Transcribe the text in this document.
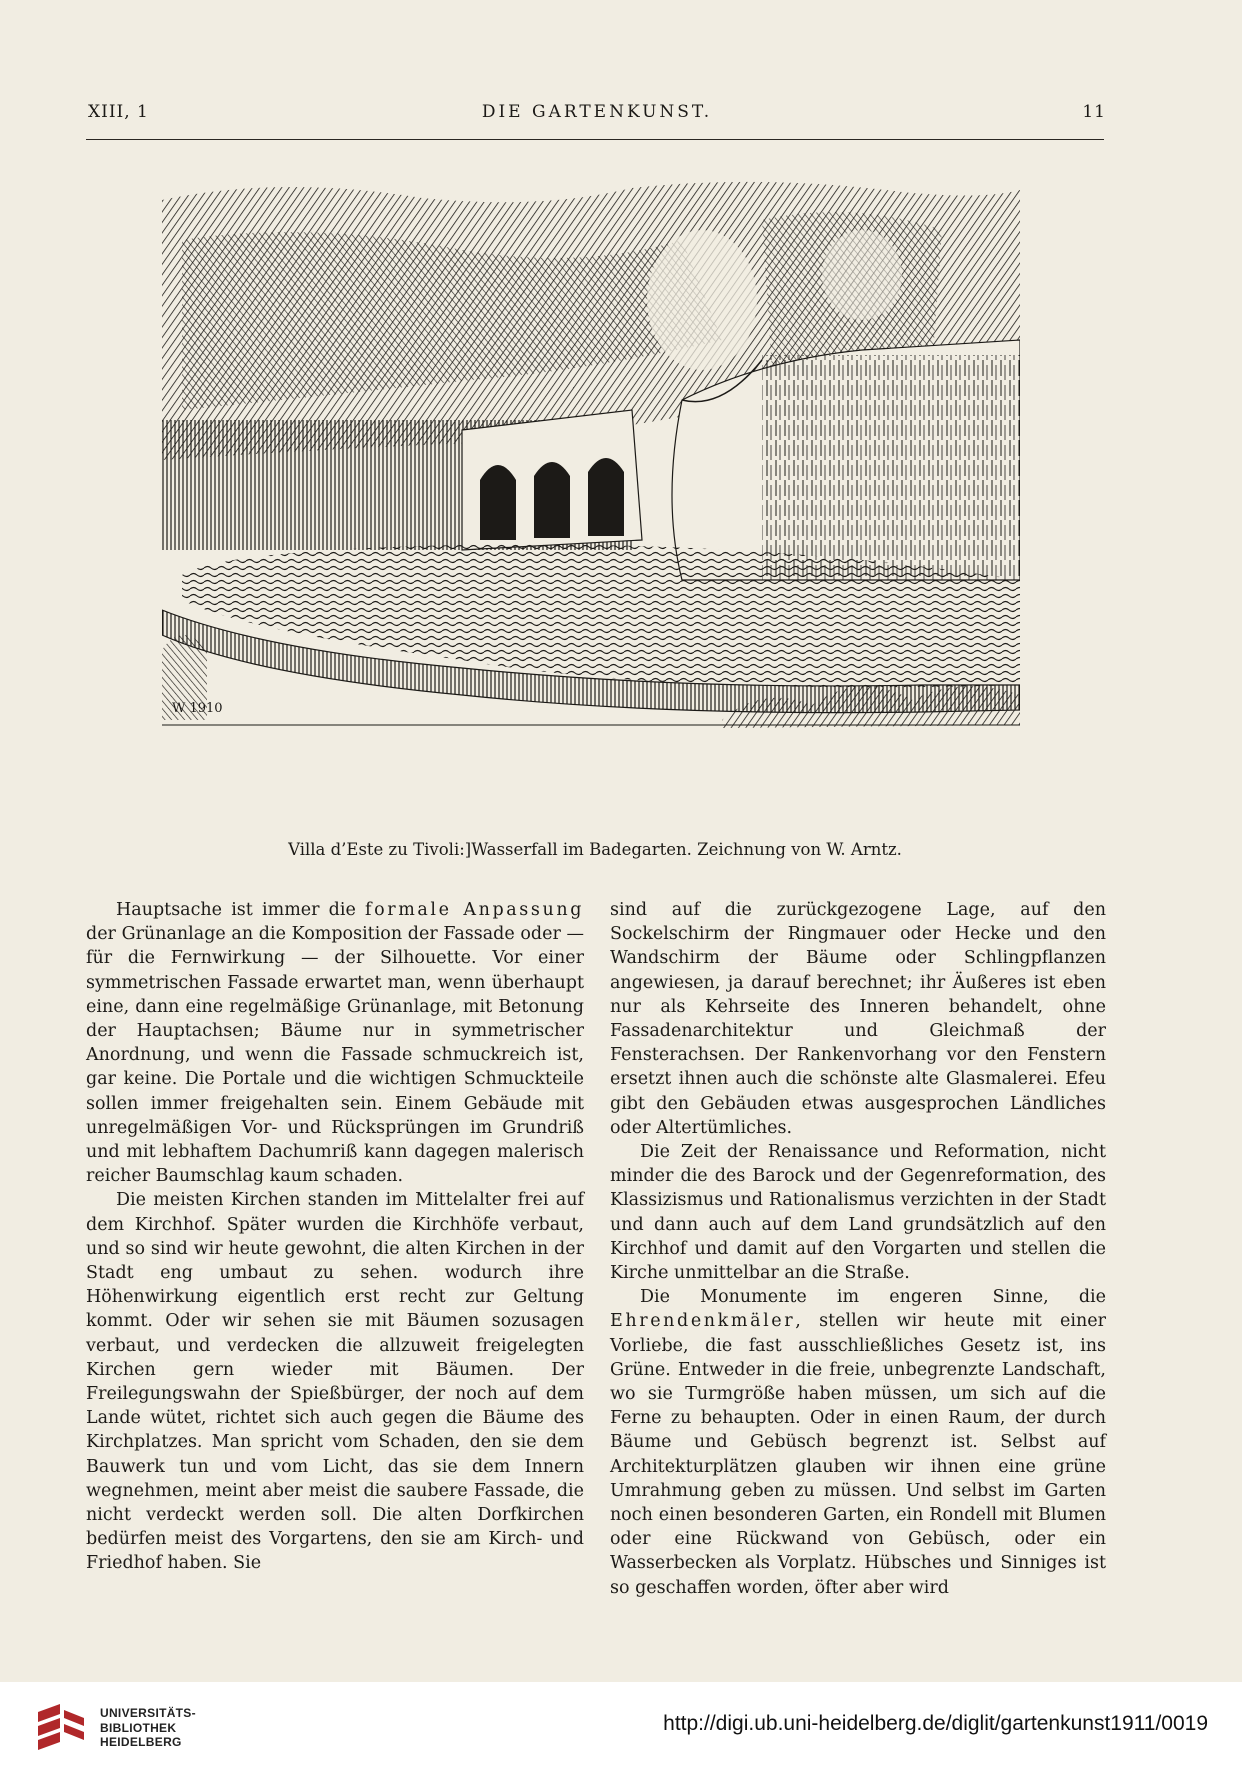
XIII, 1	DIE GARTENKUNST.	11
W 1910
Villa d’Este zu Tivoli:]Wasserfall im Badegarten. Zeichnung von W. Arntz.

Hauptsache ist immer die formale Anpassung der Grünanlage an die Komposition der Fassade oder — für die Fernwirkung — der Silhouette. Vor einer symmetrischen Fassade erwartet man, wenn überhaupt eine, dann eine regelmäßige Grünanlage, mit Betonung der Hauptachsen; Bäume nur in symmetrischer Anordnung, und wenn die Fassade schmuckreich ist, gar keine. Die Portale und die wichtigen Schmuckteile sollen immer freigehalten sein. Einem Gebäude mit unregelmäßigen Vor- und Rücksprüngen im Grundriß und mit lebhaftem Dachumriß kann dagegen malerisch reicher Baumschlag kaum schaden.

Die meisten Kirchen standen im Mittelalter frei auf dem Kirchhof. Später wurden die Kirchhöfe verbaut, und so sind wir heute gewohnt, die alten Kirchen in der Stadt eng umbaut zu sehen. wodurch ihre Höhenwirkung eigentlich erst recht zur Geltung kommt. Oder wir sehen sie mit Bäumen sozusagen verbaut, und verdecken die allzuweit freigelegten Kirchen gern wieder mit Bäumen. Der Freilegungswahn der Spießbürger, der noch auf dem Lande wütet, richtet sich auch gegen die Bäume des Kirchplatzes. Man spricht vom Schaden, den sie dem Bauwerk tun und vom Licht, das sie dem Innern wegnehmen, meint aber meist die saubere Fassade, die nicht verdeckt werden soll. Die alten Dorfkirchen bedürfen meist des Vorgartens, den sie am Kirch- und Friedhof haben. Sie

sind auf die zurückgezogene Lage, auf den Sockelschirm der Ringmauer oder Hecke und den Wandschirm der Bäume oder Schlingpflanzen angewiesen, ja darauf berechnet; ihr Äußeres ist eben nur als Kehrseite des Inneren behandelt, ohne Fassadenarchitektur und Gleichmaß der Fensterachsen. Der Rankenvorhang vor den Fenstern ersetzt ihnen auch die schönste alte Glasmalerei. Efeu gibt den Gebäuden etwas ausgesprochen Ländliches oder Altertümliches.

Die Zeit der Renaissance und Reformation, nicht minder die des Barock und der Gegenreformation, des Klassizismus und Rationalismus verzichten in der Stadt und dann auch auf dem Land grundsätzlich auf den Kirchhof und damit auf den Vorgarten und stellen die Kirche unmittelbar an die Straße.

Die Monumente im engeren Sinne, die Ehrendenkmäler, stellen wir heute mit einer Vorliebe, die fast ausschließliches Gesetz ist, ins Grüne. Entweder in die freie, unbegrenzte Landschaft, wo sie Turmgröße haben müssen, um sich auf die Ferne zu behaupten. Oder in einen Raum, der durch Bäume und Gebüsch begrenzt ist. Selbst auf Architekturplätzen glauben wir ihnen eine grüne Umrahmung geben zu müssen. Und selbst im Garten noch einen besonderen Garten, ein Rondell mit Blumen oder eine Rückwand von Gebüsch, oder ein Wasserbecken als Vorplatz. Hübsches und Sinniges ist so geschaffen worden, öfter aber wird

UNIVERSITÄTS-
BIBLIOTHEK
HEIDELBERG
http://digi.ub.uni-heidelberg.de/diglit/gartenkunst1911/0019
